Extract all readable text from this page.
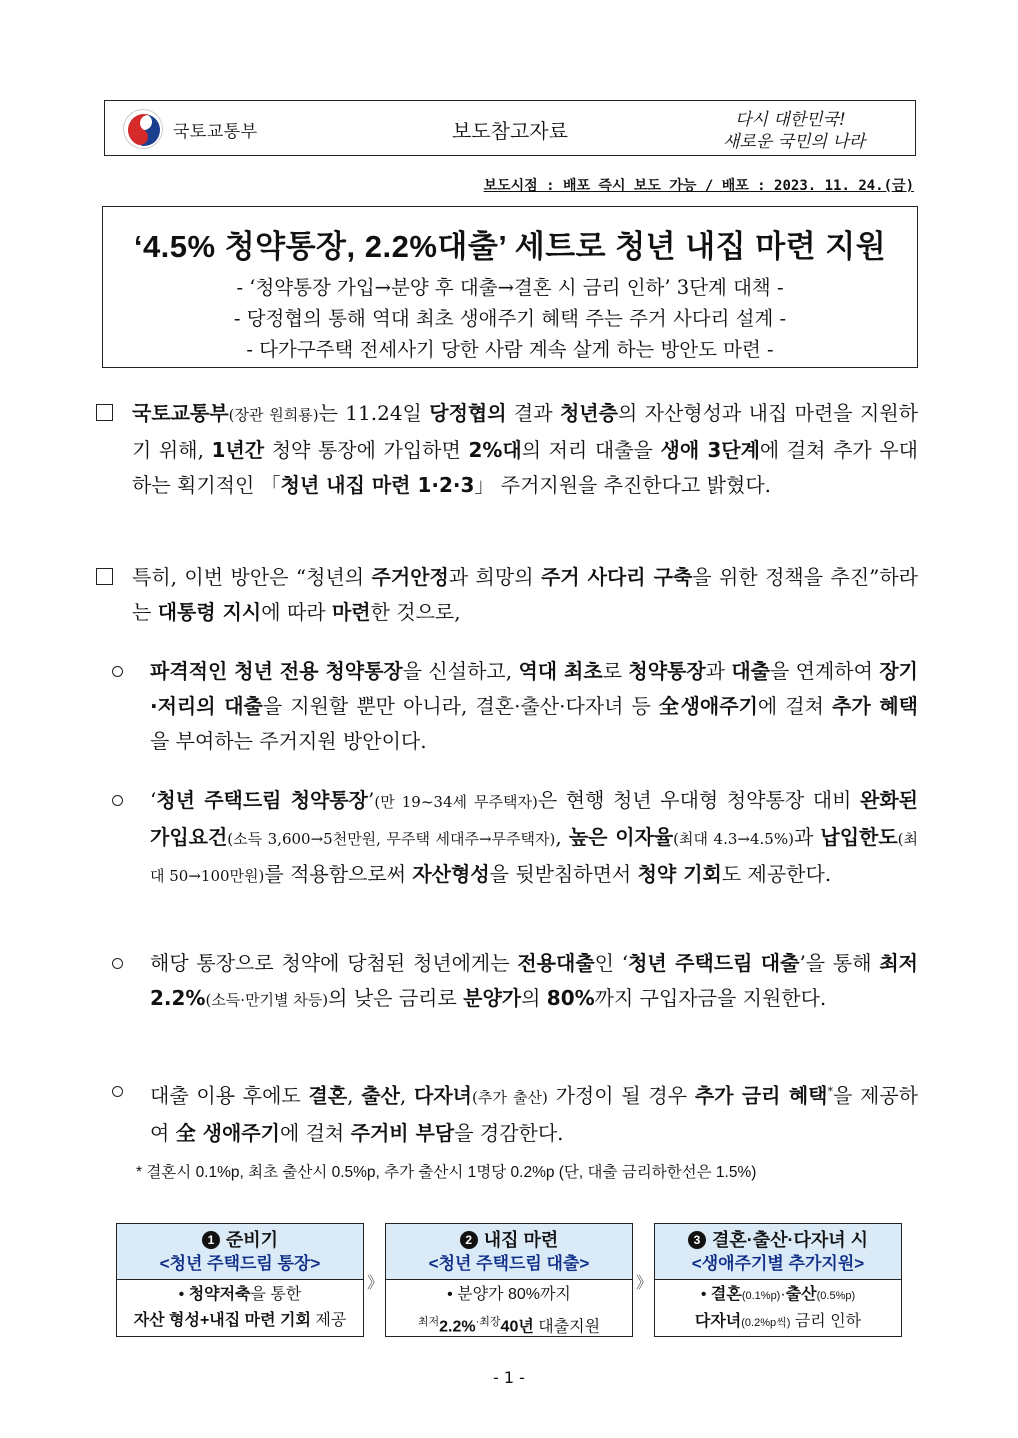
국토교통부	보도참고자료	다시 대한민국!
새로운 국민의 나라
보도시점 : 배포 즉시 보도 가능 / 배포 : 2023. 11. 24.(금)
‘4.5% 청약통장, 2.2%대출’ 세트로 청년 내집 마련 지원
- ‘청약통장 가입→분양 후 대출→결혼 시 금리 인하’ 3단계 대책 -
- 당정협의 통해 역대 최초 생애주기 혜택 주는 주거 사다리 설계 -
- 다가구주택 전세사기 당한 사람 계속 살게 하는 방안도 마련 -
국토교통부(장관 원희룡)는 11.24일 당정협의 결과 청년층의 자산형성과 내집 마련을 지원하기 위해, 1년간 청약 통장에 가입하면 2%대의 저리 대출을 생애 3단계에 걸쳐 추가 우대하는 획기적인 「청년 내집 마련 1·2·3」 주거지원을 추진한다고 밝혔다.
특히, 이번 방안은 “청년의 주거안정과 희망의 주거 사다리 구축을 위한 정책을 추진”하라는 대통령 지시에 따라 마련한 것으로,
파격적인 청년 전용 청약통장을 신설하고, 역대 최초로 청약통장과 대출을 연계하여 장기·저리의 대출을 지원할 뿐만 아니라, 결혼·출산·다자녀 등 全생애주기에 걸쳐 추가 혜택을 부여하는 주거지원 방안이다.
‘청년 주택드림 청약통장’(만 19~34세 무주택자)은 현행 청년 우대형 청약통장 대비 완화된 가입요건(소득 3,600→5천만원, 무주택 세대주→무주택자), 높은 이자율(최대 4.3→4.5%)과 납입한도(최대 50→100만원)를 적용함으로써 자산형성을 뒷받침하면서 청약 기회도 제공한다.
해당 통장으로 청약에 당첨된 청년에게는 전용대출인 ‘청년 주택드림 대출’을 통해 최저 2.2%(소득·만기별 차등)의 낮은 금리로 분양가의 80%까지 구입자금을 지원한다.
대출 이용 후에도 결혼, 출산, 다자녀(추가 출산) 가정이 될 경우 추가 금리 혜택*을 제공하여 全 생애주기에 걸쳐 주거비 부담을 경감한다.
* 결혼시 0.1%p, 최초 출산시 0.5%p, 추가 출산시 1명당 0.2%p (단, 대출 금리하한선은 1.5%)
1 준비기
<청년 주택드림 통장>
• 청약저축을 통한
자산 형성+내집 마련 기회 제공
》
2 내집 마련
<청년 주택드림 대출>
• 분양가 80%까지
$^{최저}$2.2%$^{\cdot 최장}$40년 대출지원
》
3 결혼·출산·다자녀 시
<생애주기별 추가지원>
• 결혼(0.1%p)·출산(0.5%p)
다자녀(0.2%p씩) 금리 인하
- 1 -
